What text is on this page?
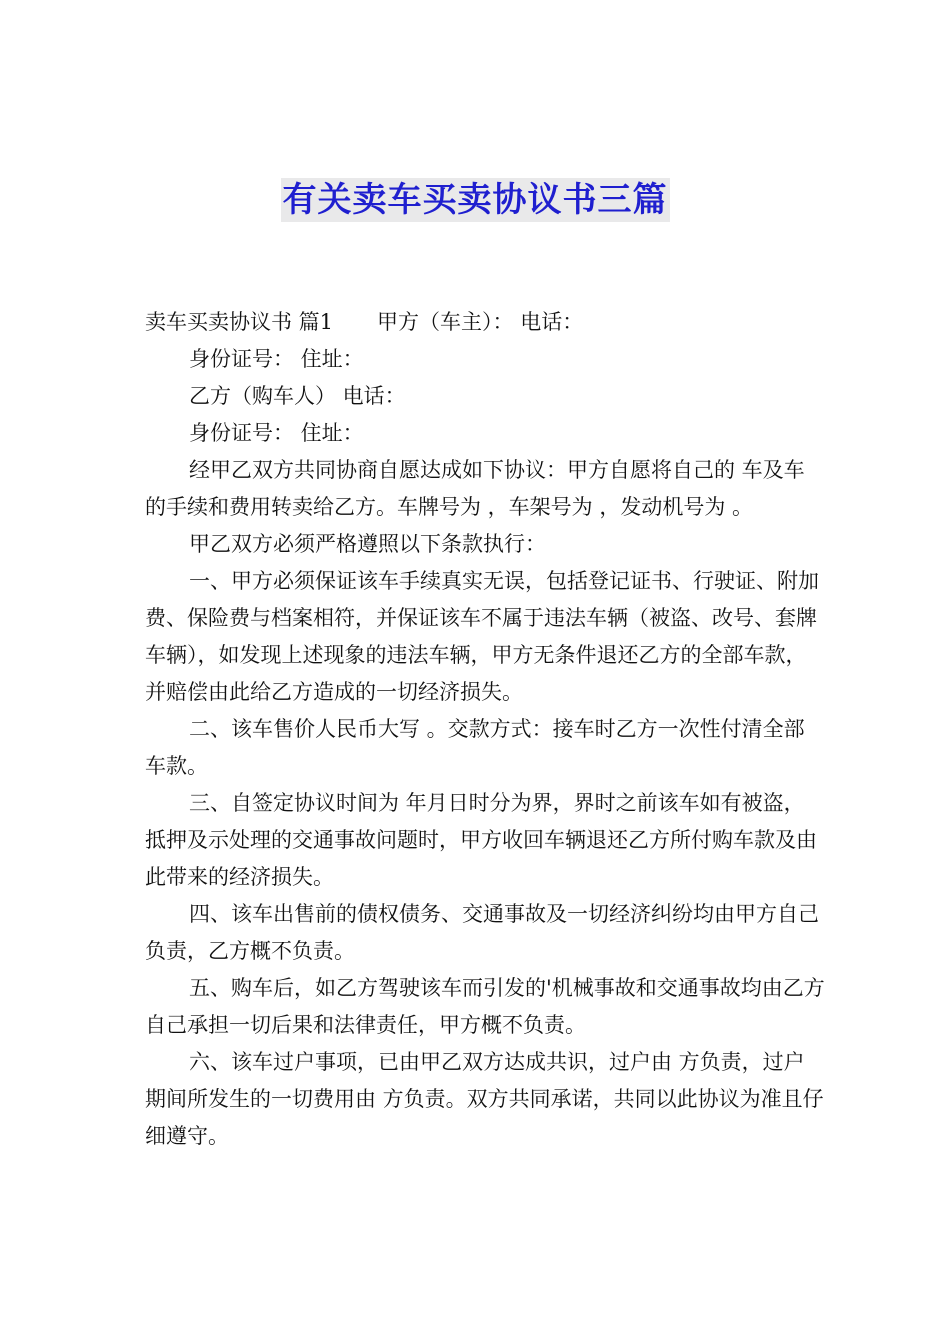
有关卖车买卖协议书三篇

卖车买卖协议书 篇1 甲方（车主）： 电话：

身份证号： 住址：

乙方（购车人） 电话：

身份证号： 住址：

经甲乙双方共同协商自愿达成如下协议：甲方自愿将自己的 车及车的手续和费用转卖给乙方。车牌号为 ，车架号为 ，发动机号为 。

甲乙双方必须严格遵照以下条款执行：

一、甲方必须保证该车手续真实无误，包括登记证书、行驶证、附加费、保险费与档案相符，并保证该车不属于违法车辆（被盗、改号、套牌车辆），如发现上述现象的违法车辆，甲方无条件退还乙方的全部车款，并赔偿由此给乙方造成的一切经济损失。

二、该车售价人民币大写 。交款方式：接车时乙方一次性付清全部车款。

三、自签定协议时间为 年月日时分为界，界时之前该车如有被盗，抵押及示处理的交通事故问题时，甲方收回车辆退还乙方所付购车款及由此带来的经济损失。

四、该车出售前的债权债务、交通事故及一切经济纠纷均由甲方自己负责，乙方概不负责。

五、购车后，如乙方驾驶该车而引发的'机械事故和交通事故均由乙方自己承担一切后果和法律责任，甲方概不负责。

六、该车过户事项，已由甲乙双方达成共识，过户由 方负责，过户期间所发生的一切费用由 方负责。双方共同承诺，共同以此协议为准且仔细遵守。
